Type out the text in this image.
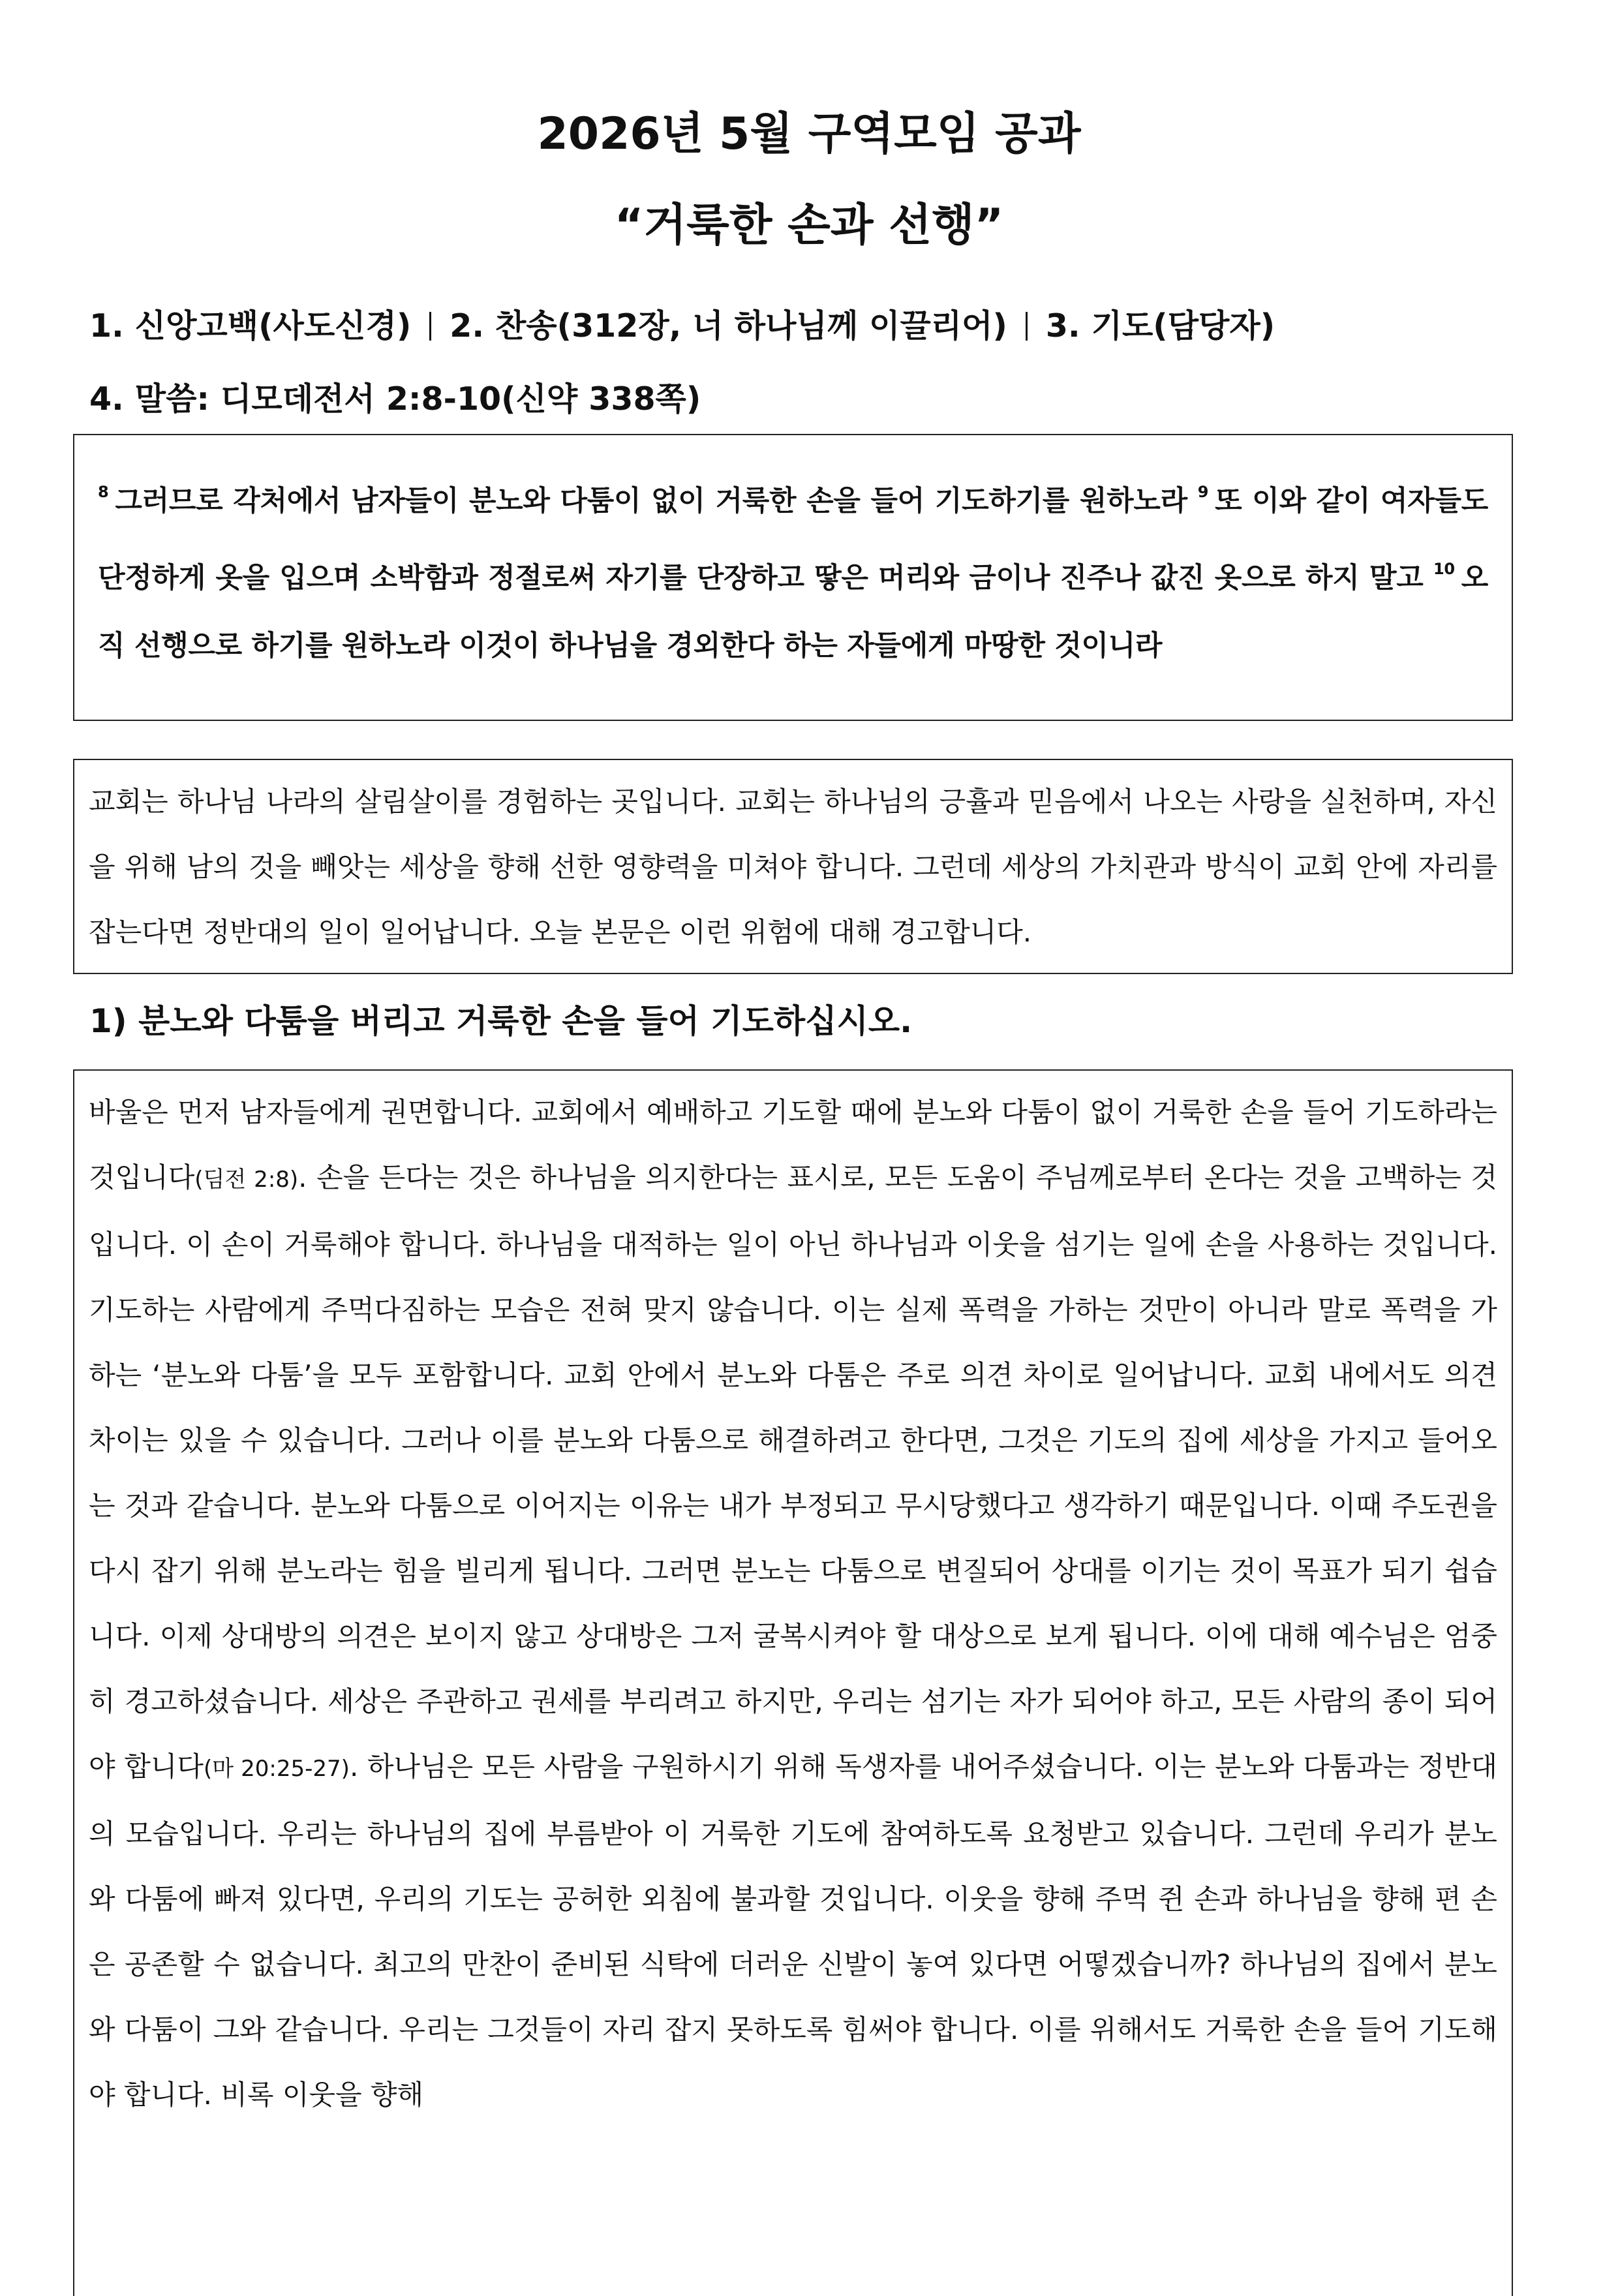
2026년 5월 구역모임 공과
“거룩한 손과 선행”
1. 신앙고백(사도신경) 2. 찬송(312장, 너 하나님께 이끌리어) 3. 기도(담당자)
4. 말씀: 디모데전서 2:8-10(신약 338쪽)

$^8$ 그러므로 각처에서 남자들이 분노와 다툼이 없이 거룩한 손을 들어 기도하기를 원하노라 $^9$ 또 이와 같이 여자들도 단정하게 옷을 입으며 소박함과 정절로써 자기를 단장하고 땋은 머리와 금이나 진주나 값진 옷으로 하지 말고 $^{10}$ 오직 선행으로 하기를 원하노라 이것이 하나님을 경외한다 하는 자들에게 마땅한 것이니라

교회는 하나님 나라의 살림살이를 경험하는 곳입니다. 교회는 하나님의 긍휼과 믿음에서 나오는 사랑을 실천하며, 자신을 위해 남의 것을 빼앗는 세상을 향해 선한 영향력을 미쳐야 합니다. 그런데 세상의 가치관과 방식이 교회 안에 자리를 잡는다면 정반대의 일이 일어납니다. 오늘 본문은 이런 위험에 대해 경고합니다.

1) 분노와 다툼을 버리고 거룩한 손을 들어 기도하십시오.

바울은 먼저 남자들에게 권면합니다. 교회에서 예배하고 기도할 때에 분노와 다툼이 없이 거룩한 손을 들어 기도하라는 것입니다(딤전 2:8). 손을 든다는 것은 하나님을 의지한다는 표시로, 모든 도움이 주님께로부터 온다는 것을 고백하는 것입니다. 이 손이 거룩해야 합니다. 하나님을 대적하는 일이 아닌 하나님과 이웃을 섬기는 일에 손을 사용하는 것입니다. 기도하는 사람에게 주먹다짐하는 모습은 전혀 맞지 않습니다. 이는 실제 폭력을 가하는 것만이 아니라 말로 폭력을 가하는 ‘분노와 다툼’을 모두 포함합니다. 교회 안에서 분노와 다툼은 주로 의견 차이로 일어납니다. 교회 내에서도 의견 차이는 있을 수 있습니다. 그러나 이를 분노와 다툼으로 해결하려고 한다면, 그것은 기도의 집에 세상을 가지고 들어오는 것과 같습니다. 분노와 다툼으로 이어지는 이유는 내가 부정되고 무시당했다고 생각하기 때문입니다. 이때 주도권을 다시 잡기 위해 분노라는 힘을 빌리게 됩니다. 그러면 분노는 다툼으로 변질되어 상대를 이기는 것이 목표가 되기 쉽습니다. 이제 상대방의 의견은 보이지 않고 상대방은 그저 굴복시켜야 할 대상으로 보게 됩니다. 이에 대해 예수님은 엄중히 경고하셨습니다. 세상은 주관하고 권세를 부리려고 하지만, 우리는 섬기는 자가 되어야 하고, 모든 사람의 종이 되어야 합니다(마 20:25-27). 하나님은 모든 사람을 구원하시기 위해 독생자를 내어주셨습니다. 이는 분노와 다툼과는 정반대의 모습입니다. 우리는 하나님의 집에 부름받아 이 거룩한 기도에 참여하도록 요청받고 있습니다. 그런데 우리가 분노와 다툼에 빠져 있다면, 우리의 기도는 공허한 외침에 불과할 것입니다. 이웃을 향해 주먹 쥔 손과 하나님을 향해 편 손은 공존할 수 없습니다. 최고의 만찬이 준비된 식탁에 더러운 신발이 놓여 있다면 어떻겠습니까? 하나님의 집에서 분노와 다툼이 그와 같습니다. 우리는 그것들이 자리 잡지 못하도록 힘써야 합니다. 이를 위해서도 거룩한 손을 들어 기도해야 합니다. 비록 이웃을 향해
